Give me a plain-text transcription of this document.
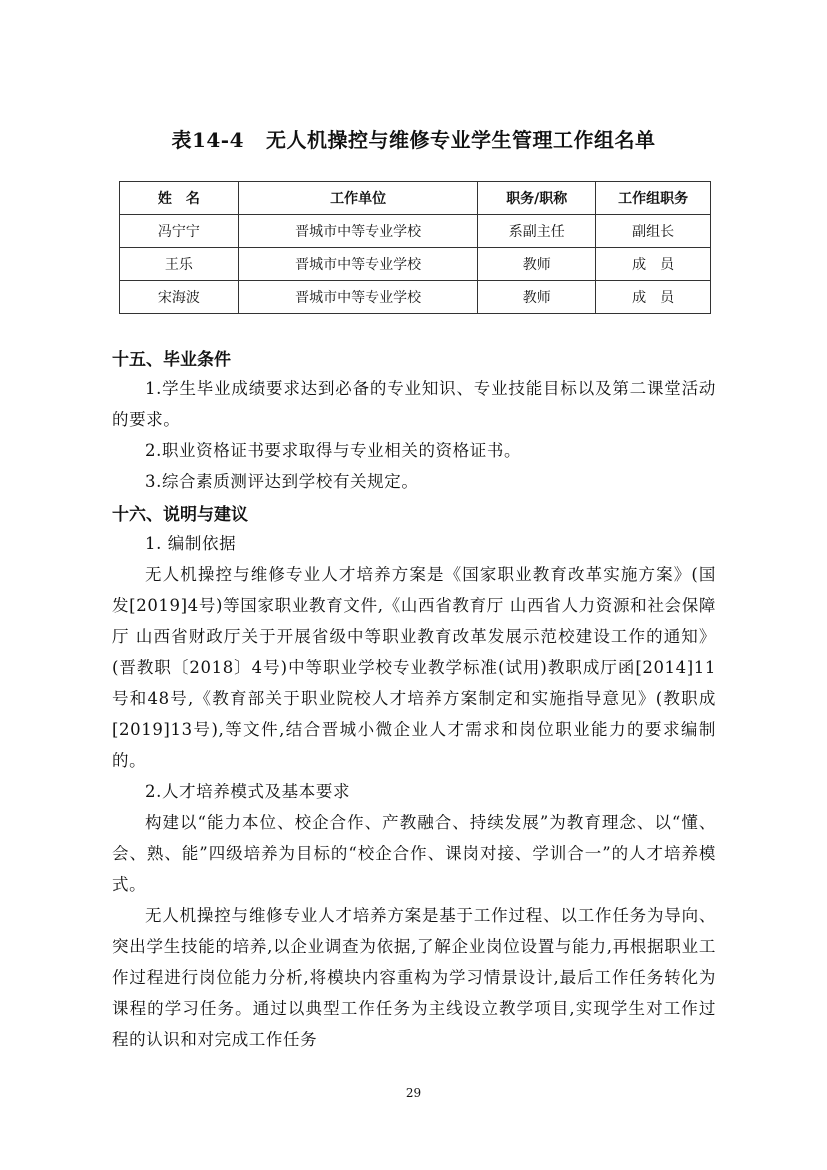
表14-4 无人机操控与维修专业学生管理工作组名单
姓　名	工作单位	职务/职称	工作组职务
冯宁宁	晋城市中等专业学校	系副主任	副组长
王乐	晋城市中等专业学校	教师	成　员
宋海波	晋城市中等专业学校	教师	成　员
十五、毕业条件
1.学生毕业成绩要求达到必备的专业知识、专业技能目标以及第二课堂活动的要求。
2.职业资格证书要求取得与专业相关的资格证书。
3.综合素质测评达到学校有关规定。
十六、说明与建议
1. 编制依据
无人机操控与维修专业人才培养方案是《国家职业教育改革实施方案》(国发[2019]4号)等国家职业教育文件,《山西省教育厅 山西省人力资源和社会保障厅 山西省财政厅关于开展省级中等职业教育改革发展示范校建设工作的通知》(晋教职〔2018〕4号)中等职业学校专业教学标准(试用)教职成厅函[2014]11号和48号,《教育部关于职业院校人才培养方案制定和实施指导意见》(教职成[2019]13号),等文件,结合晋城小微企业人才需求和岗位职业能力的要求编制的。
2.人才培养模式及基本要求
构建以“能力本位、校企合作、产教融合、持续发展”为教育理念、以“懂、会、熟、能”四级培养为目标的“校企合作、课岗对接、学训合一”的人才培养模式。
无人机操控与维修专业人才培养方案是基于工作过程、以工作任务为导向、突出学生技能的培养,以企业调查为依据,了解企业岗位设置与能力,再根据职业工作过程进行岗位能力分析,将模块内容重构为学习情景设计,最后工作任务转化为课程的学习任务。通过以典型工作任务为主线设立教学项目,实现学生对工作过程的认识和对完成工作任务
29
